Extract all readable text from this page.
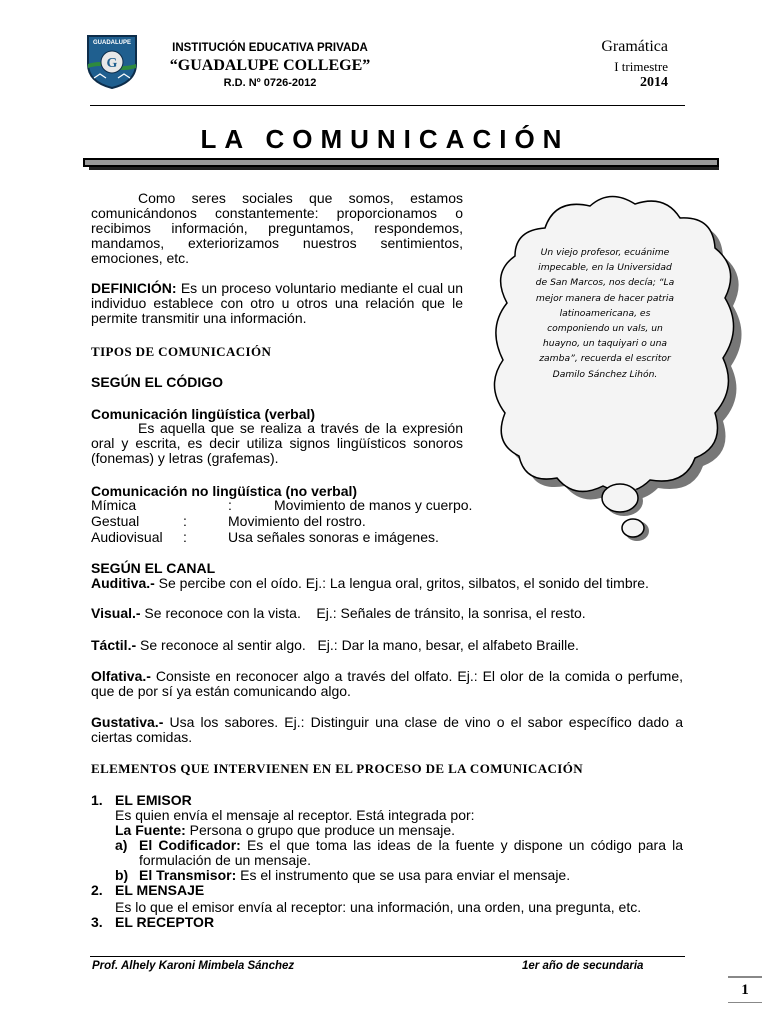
G
GUADALUPE	INSTITUCIÓN EDUCATIVA PRIVADA
“GUADALUPE COLLEGE”
R.D. Nº 0726-2012
Gramática
I trimestre
2014
LA COMUNICACIÓN
Como seres sociales que somos, estamos comunicándonos constantemente: proporcionamos o recibimos información, preguntamos, respondemos, mandamos, exteriorizamos nuestros sentimientos, emociones, etc.
DEFINICIÓN: Es un proceso voluntario mediante el cual un individuo establece con otro u otros una relación que le permite transmitir una información.
TIPOS DE COMUNICACIÓN
SEGÚN EL CÓDIGO
Comunicación lingüística (verbal)
Es aquella que se realiza a través de la expresión oral y escrita, es decir utiliza signos lingüísticos sonoros (fonemas) y letras (grafemas).
Comunicación no lingüística (no verbal)
Mímica	:	Movimiento de manos y cuerpo.
Gestual	:	Movimiento del rostro.
Audiovisual :	Usa señales sonoras e imágenes.
Un viejo profesor, ecuánime impecable, en la Universidad de San Marcos, nos decía; “La mejor manera de hacer patria latinoamericana, es componiendo un vals, un huayno, un taquiyari o una zamba”, recuerda el escritor Damilo Sánchez Lihón.
SEGÚN EL CANAL
Auditiva.- Se percibe con el oído. Ej.: La lengua oral, gritos, silbatos, el sonido del timbre.
Visual.- Se reconoce con la vista.    Ej.: Señales de tránsito, la sonrisa, el resto.
Táctil.- Se reconoce al sentir algo.   Ej.: Dar la mano, besar, el alfabeto Braille.
Olfativa.- Consiste en reconocer algo a través del olfato. Ej.: El olor de la comida o perfume, que de por sí ya están comunicando algo.
Gustativa.- Usa los sabores. Ej.: Distinguir una clase de vino o el sabor específico dado a ciertas comidas.
ELEMENTOS QUE INTERVIENEN EN EL PROCESO DE LA COMUNICACIÓN
1. EL EMISOR
Es quien envía el mensaje al receptor. Está integrada por:
La Fuente: Persona o grupo que produce un mensaje.
a) El Codificador: Es el que toma las ideas de la fuente y dispone un código para la formulación de un mensaje.
b) El Transmisor: Es el instrumento que se usa para enviar el mensaje.
2. EL MENSAJE
Es lo que el emisor envía al receptor: una información, una orden, una pregunta, etc.
3. EL RECEPTOR
Prof. Alhely Karoni Mimbela Sánchez	1er año de secundaria
1
